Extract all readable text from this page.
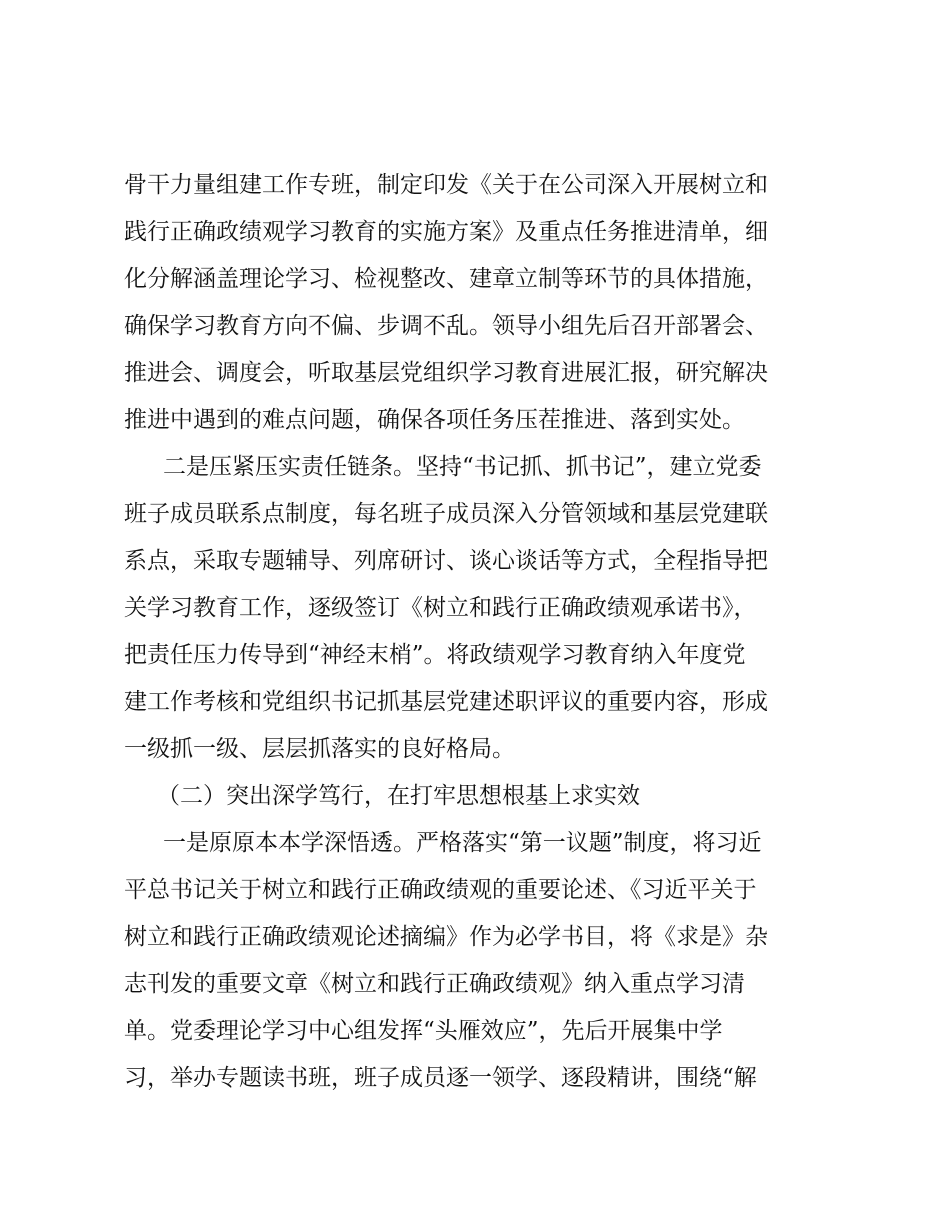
骨干力量组建工作专班，制定印发《关于在公司深入开展树立和
践行正确政绩观学习教育的实施方案》及重点任务推进清单，细
化分解涵盖理论学习、检视整改、建章立制等环节的具体措施，
确保学习教育方向不偏、步调不乱。领导小组先后召开部署会、
推进会、调度会，听取基层党组织学习教育进展汇报，研究解决
推进中遇到的难点问题，确保各项任务压茬推进、落到实处。
二是压紧压实责任链条。坚持“书记抓、抓书记”，建立党委
班子成员联系点制度，每名班子成员深入分管领域和基层党建联
系点，采取专题辅导、列席研讨、谈心谈话等方式，全程指导把
关学习教育工作，逐级签订《树立和践行正确政绩观承诺书》，
把责任压力传导到“神经末梢”。将政绩观学习教育纳入年度党
建工作考核和党组织书记抓基层党建述职评议的重要内容，形成
一级抓一级、层层抓落实的良好格局。
（二）突出深学笃行，在打牢思想根基上求实效
一是原原本本学深悟透。严格落实“第一议题”制度，将习近
平总书记关于树立和践行正确政绩观的重要论述、《习近平关于
树立和践行正确政绩观论述摘编》作为必学书目，将《求是》杂
志刊发的重要文章《树立和践行正确政绩观》纳入重点学习清
单。党委理论学习中心组发挥“头雁效应”，先后开展集中学
习，举办专题读书班，班子成员逐一领学、逐段精讲，围绕“解
